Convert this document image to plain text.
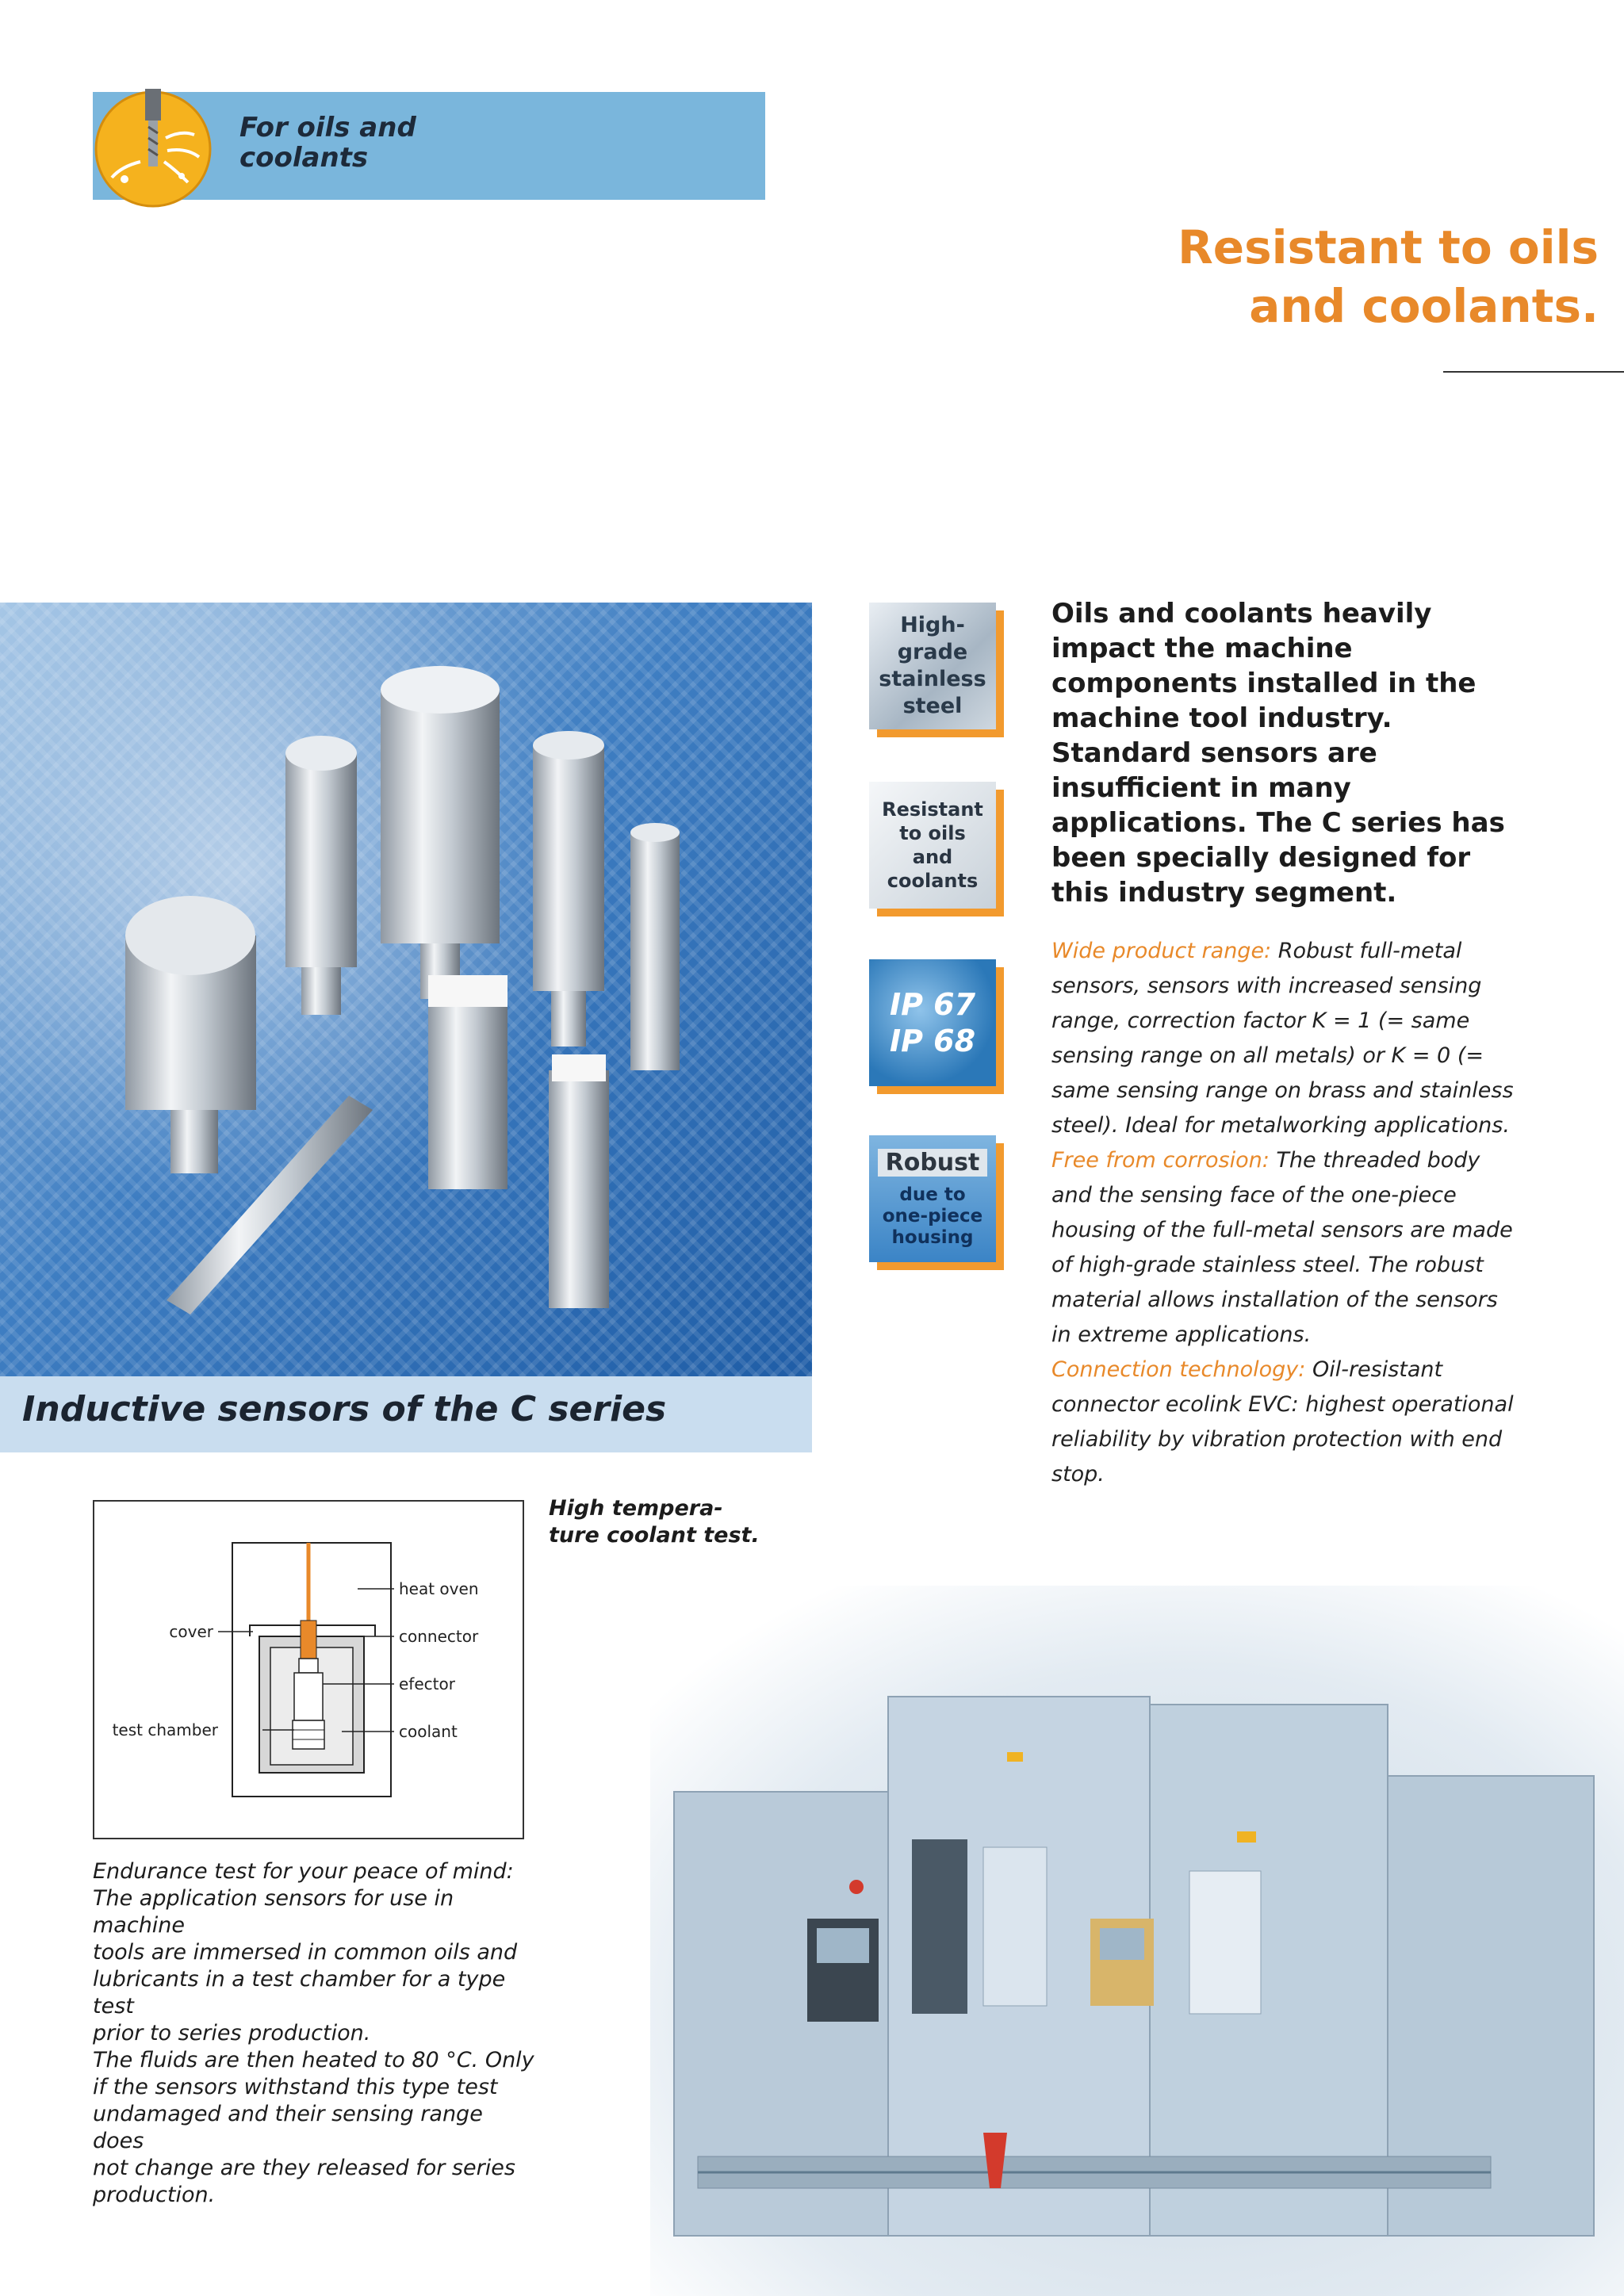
For oils and
coolants
Resistant to oils
and coolants.
Inductive sensors of the C series
High-
grade
stainless
steel
Resistant
to oils
and
coolants
IP 67
IP 68
Robust
due to
one-piece
housing
Oils and coolants heavily impact the machine components installed in the machine tool industry. Standard sensors are insufficient in many applications. The C series has been specially designed for this industry segment.
Wide product range: Robust full-metal sensors, sensors with increased sensing range, correction factor K = 1 (= same sensing range on all metals) or K = 0 (= same sensing range on brass and stainless steel). Ideal for metalworking applications.
Free from corrosion: The threaded body and the sensing face of the one-piece housing of the full-metal sensors are made of high-grade stainless steel. The robust material allows installation of the sensors in extreme applications.
Connection technology: Oil-resistant connector ecolink EVC: highest operational reliability by vibration protection with end stop.
heat oven
cover	connector
efector
test chamber	coolant
High tempera-
ture coolant test.
Endurance test for your peace of mind:
The application sensors for use in machine
tools are immersed in common oils and
lubricants in a test chamber for a type test
prior to series production.
The fluids are then heated to 80 °C. Only
if the sensors withstand this type test
undamaged and their sensing range does
not change are they released for series
production.
